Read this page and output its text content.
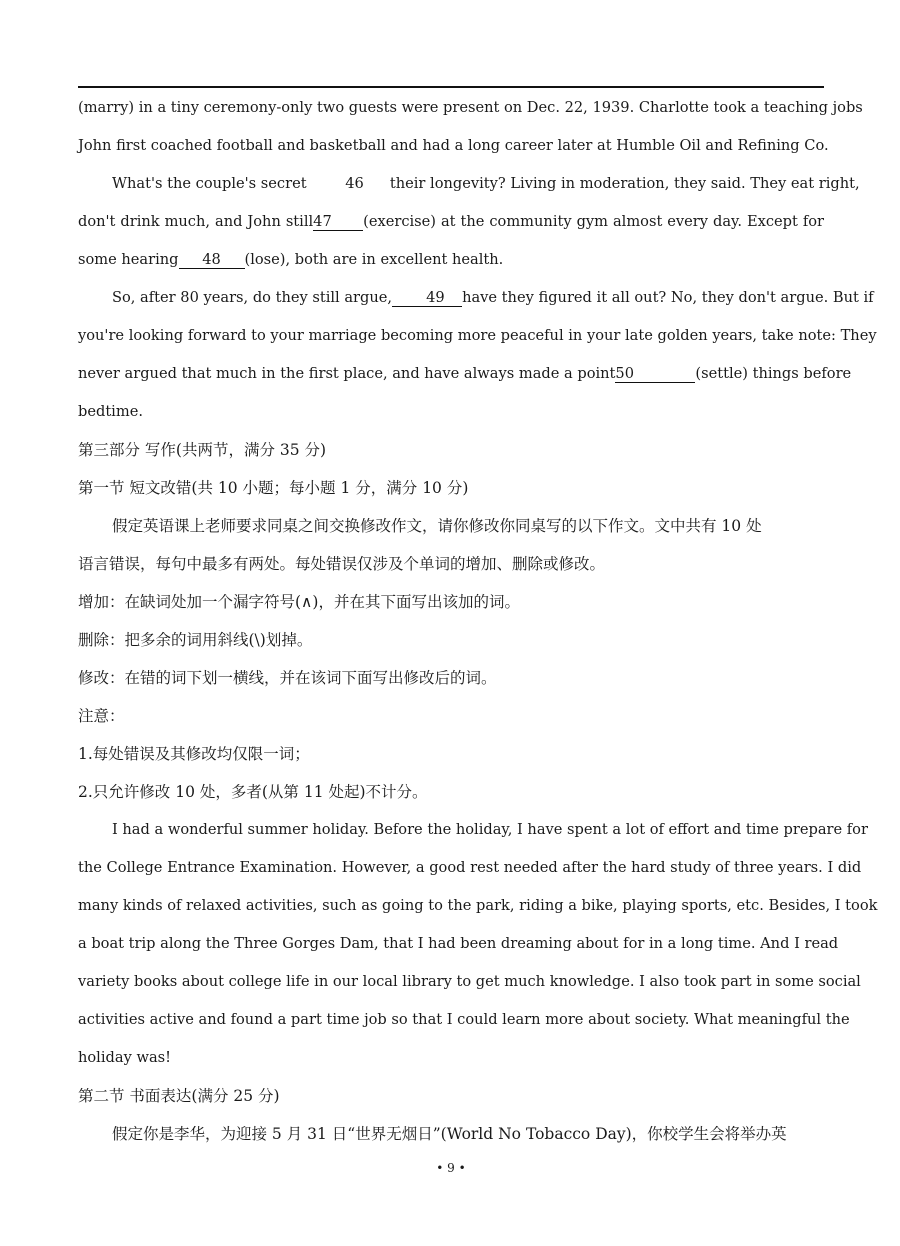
(marry) in a tiny ceremony-only two guests were present on Dec. 22, 1939. Charlotte took a teaching jobs
John first coached football and basketball and had a long career later at Humble Oil and Refining Co.
What's the couple's secret	46 their longevity? Living in moderation, they said. They eat right,
don't drink much, and John still47 (exercise) at the community gym almost every day. Except for
some hearing 48 (lose), both are in excellent health.
So, after 80 years, do they still argue, 49 have they figured it all out? No, they don't argue. But if
you're looking forward to your marriage becoming more peaceful in your late golden years, take note: They
never argued that much in the first place, and have always made a point50	(settle) things before
bedtime.
第三部分 写作(共两节，满分 35 分)
第一节 短文改错(共 10 小题；每小题 1 分，满分 10 分)
假定英语课上老师要求同桌之间交换修改作文，请你修改你同桌写的以下作文。文中共有 10 处
语言错误，每句中最多有两处。每处错误仅涉及个单词的增加、删除或修改。
增加：在缺词处加一个漏字符号(∧)，并在其下面写出该加的词。
删除：把多余的词用斜线(\)划掉。
修改：在错的词下划一横线，并在该词下面写出修改后的词。
注意：
1.每处错误及其修改均仅限一词；
2.只允许修改 10 处，多者(从第 11 处起)不计分。
I had a wonderful summer holiday. Before the holiday, I have spent a lot of effort and time prepare for
the College Entrance Examination. However, a good rest needed after the hard study of three years. I did
many kinds of relaxed activities, such as going to the park, riding a bike, playing sports, etc. Besides, I took
a boat trip along the Three Gorges Dam, that I had been dreaming about for in a long time. And I read
variety books about college life in our local library to get much knowledge. I also took part in some social
activities active and found a part time job so that I could learn more about society. What meaningful the
holiday was!
第二节 书面表达(满分 25 分)
假定你是李华，为迎接 5 月 31 日“世界无烟日”(World No Tobacco Day)，你校学生会将举办英
• 9 •
